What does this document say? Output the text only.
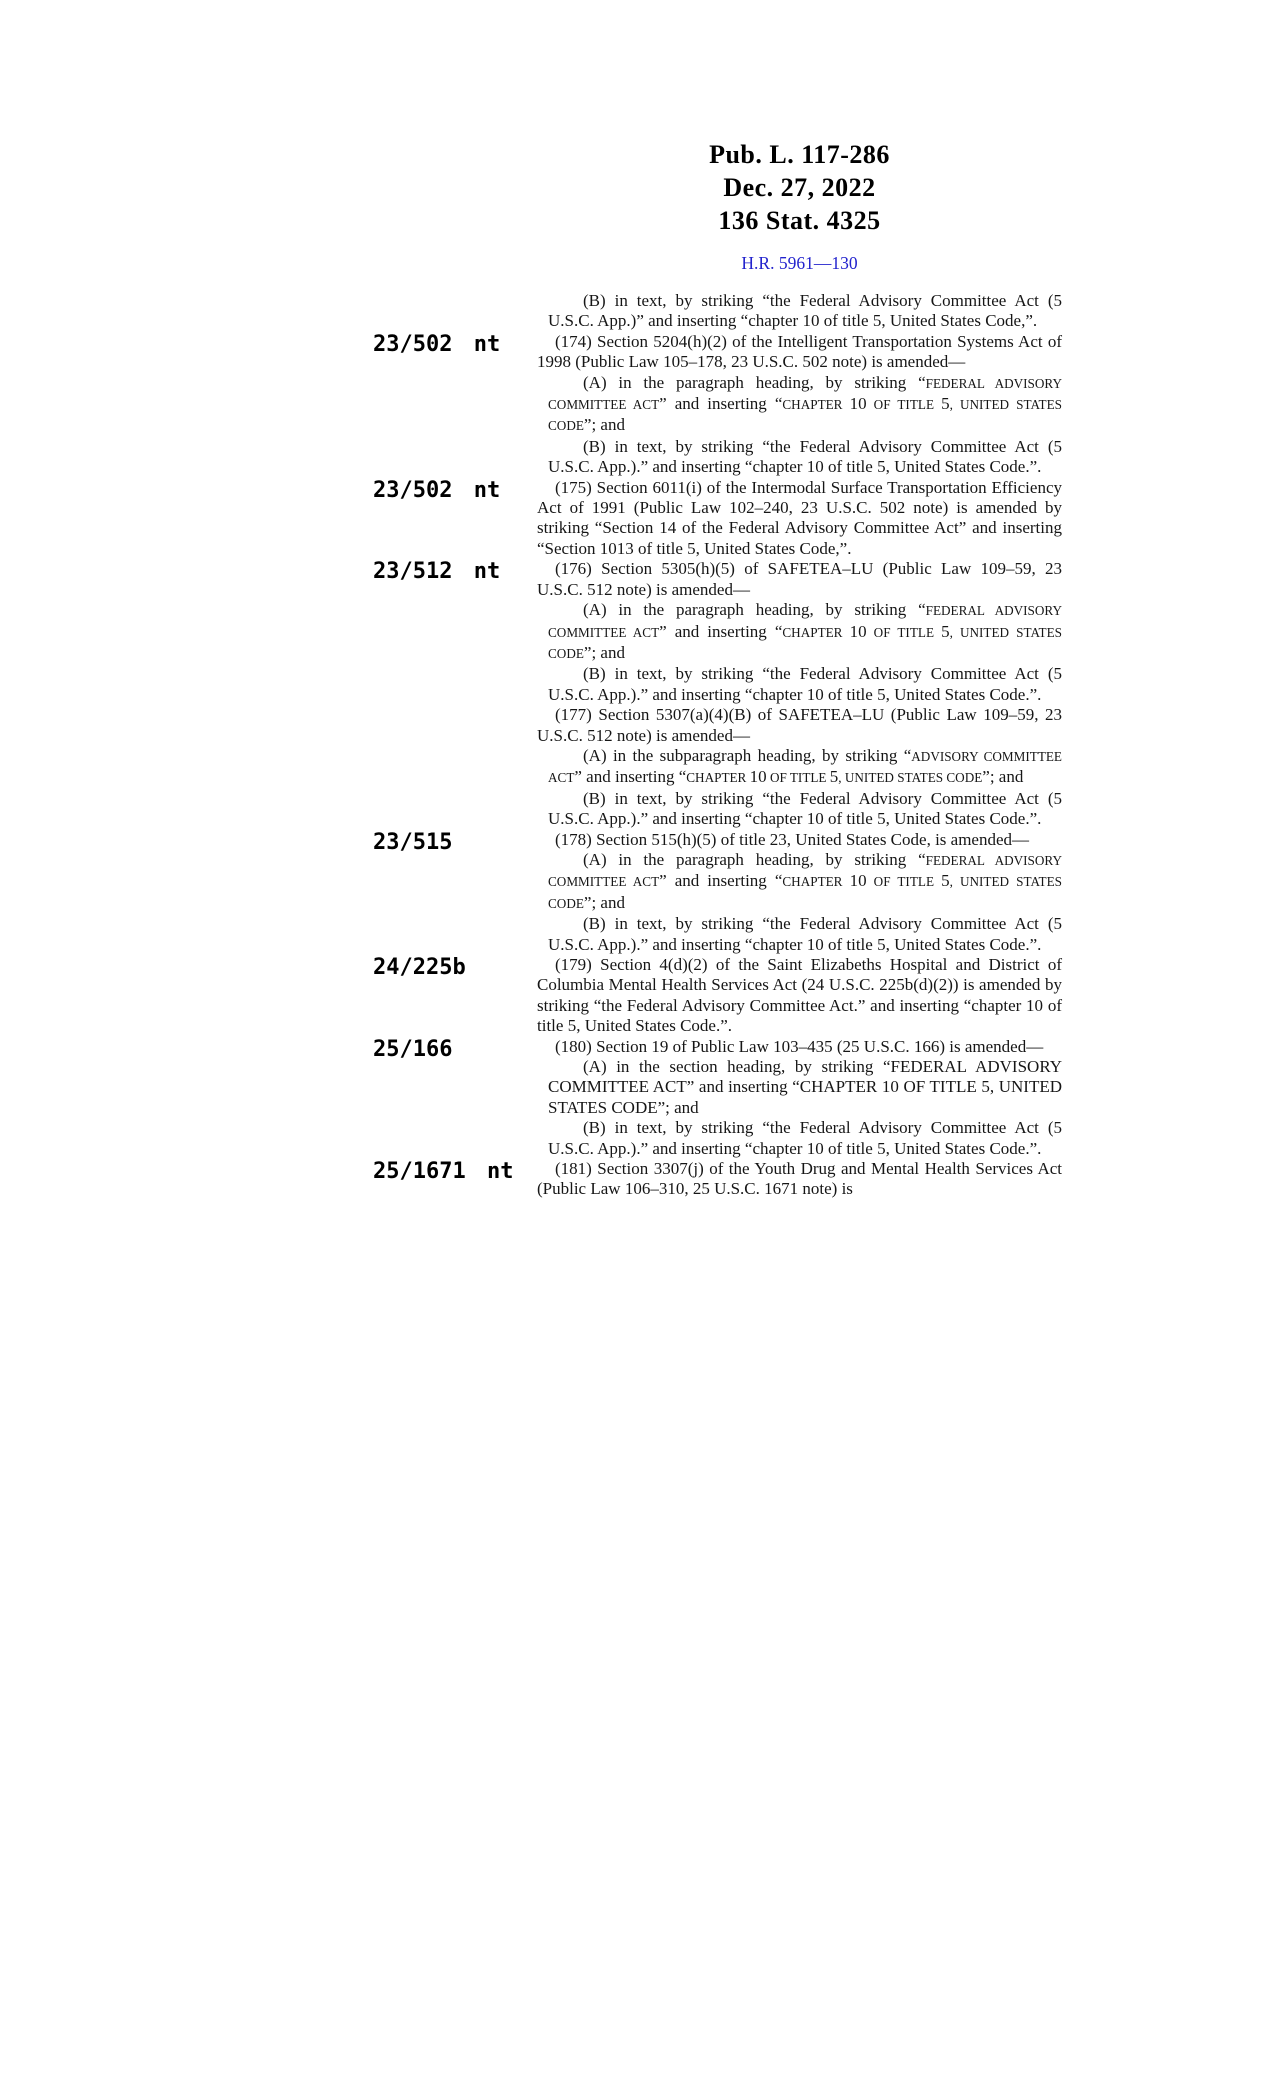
Pub. L. 117-286
Dec. 27, 2022
136 Stat. 4325
H.R. 5961—130
(B) in text, by striking “the Federal Advisory Committee Act (5 U.S.C. App.)” and inserting “chapter 10 of title 5, United States Code,”.
23/502 nt	(174) Section 5204(h)(2) of the Intelligent Transportation Systems Act of 1998 (Public Law 105–178, 23 U.S.C. 502 note) is amended—
(A) in the paragraph heading, by striking “FEDERAL ADVISORY COMMITTEE ACT” and inserting “CHAPTER 10 OF TITLE 5, UNITED STATES CODE”; and
(B) in text, by striking “the Federal Advisory Committee Act (5 U.S.C. App.).” and inserting “chapter 10 of title 5, United States Code.”.
23/502 nt	(175) Section 6011(i) of the Intermodal Surface Transportation Efficiency Act of 1991 (Public Law 102–240, 23 U.S.C. 502 note) is amended by striking “Section 14 of the Federal Advisory Committee Act” and inserting “Section 1013 of title 5, United States Code,”.
23/512 nt	(176) Section 5305(h)(5) of SAFETEA–LU (Public Law 109–59, 23 U.S.C. 512 note) is amended—
(A) in the paragraph heading, by striking “FEDERAL ADVISORY COMMITTEE ACT” and inserting “CHAPTER 10 OF TITLE 5, UNITED STATES CODE”; and
(B) in text, by striking “the Federal Advisory Committee Act (5 U.S.C. App.).” and inserting “chapter 10 of title 5, United States Code.”.
(177) Section 5307(a)(4)(B) of SAFETEA–LU (Public Law 109–59, 23 U.S.C. 512 note) is amended—
(A) in the subparagraph heading, by striking “ADVISORY COMMITTEE ACT” and inserting “CHAPTER 10 OF TITLE 5, UNITED STATES CODE”; and
(B) in text, by striking “the Federal Advisory Committee Act (5 U.S.C. App.).” and inserting “chapter 10 of title 5, United States Code.”.
23/515	(178) Section 515(h)(5) of title 23, United States Code, is amended—
(A) in the paragraph heading, by striking “FEDERAL ADVISORY COMMITTEE ACT” and inserting “CHAPTER 10 OF TITLE 5, UNITED STATES CODE”; and
(B) in text, by striking “the Federal Advisory Committee Act (5 U.S.C. App.).” and inserting “chapter 10 of title 5, United States Code.”.
24/225b	(179) Section 4(d)(2) of the Saint Elizabeths Hospital and District of Columbia Mental Health Services Act (24 U.S.C. 225b(d)(2)) is amended by striking “the Federal Advisory Committee Act.” and inserting “chapter 10 of title 5, United States Code.”.
25/166	(180) Section 19 of Public Law 103–435 (25 U.S.C. 166) is amended—
(A) in the section heading, by striking “FEDERAL ADVISORY COMMITTEE ACT” and inserting “CHAPTER 10 OF TITLE 5, UNITED STATES CODE”; and
(B) in text, by striking “the Federal Advisory Committee Act (5 U.S.C. App.).” and inserting “chapter 10 of title 5, United States Code.”.
25/1671 nt	(181) Section 3307(j) of the Youth Drug and Mental Health Services Act (Public Law 106–310, 25 U.S.C. 1671 note) is
